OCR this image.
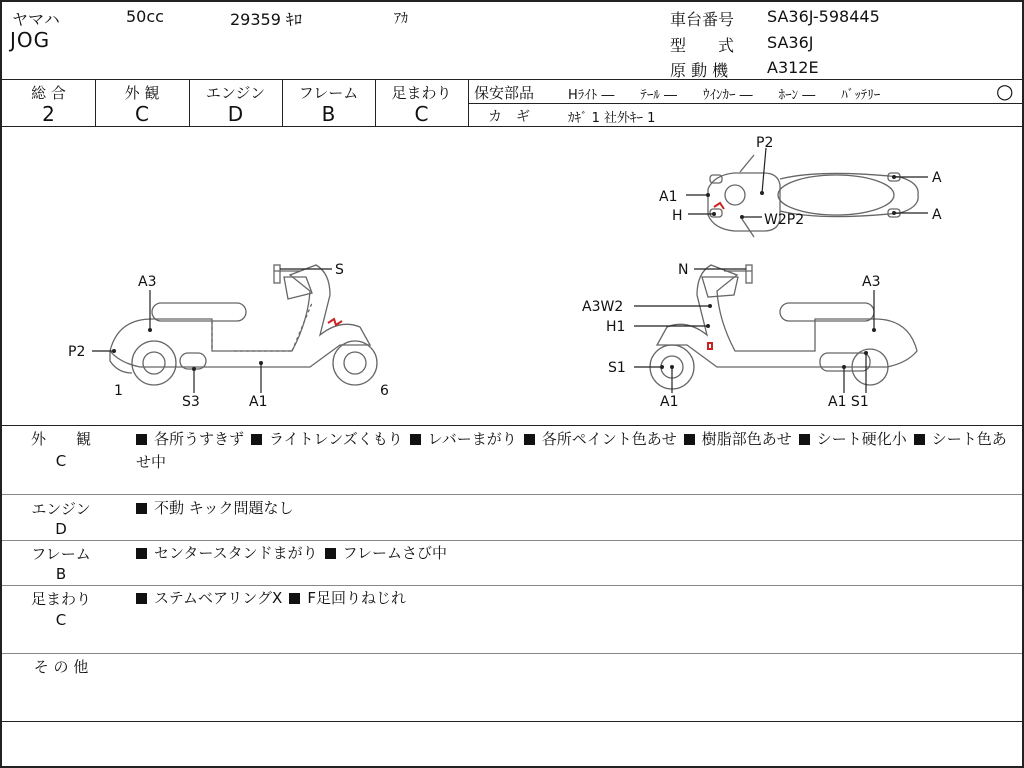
ヤマハ	50cc	29359 ｷﾛ	ｱｶ
JOG
車台番号 SA36J-598445
型　　式 SA36J
原 動 機 A312E
総 合	外 観	エンジン	フレーム	足まわり
2	C	D	B	C
保安部品	Hﾗｲﾄ ―　　ﾃｰﾙ ―　　ｳｲﾝｶｰ ―　　ﾎｰﾝ ―　　ﾊﾞｯﾃﾘｰ	○
カ　ギ	ｶｷﾞ 1 社外ｷｰ 1
P2
A1
H	W2P2
A
A
S
A3
P2
1
S3	A1
6
N
A3
A3W2
H1
S1
A1	A1 S1
外　　観
C
各所うすきず ライトレンズくもり レバーまがり 各所ペイント色あせ 樹脂部色あせ シート硬化小 シート色あせ中
エンジン
D
不動 キック問題なし
フレーム
B
センタースタンドまがり フレームさび中
足まわり
C
ステムベアリングX F足回りねじれ
そ の 他
